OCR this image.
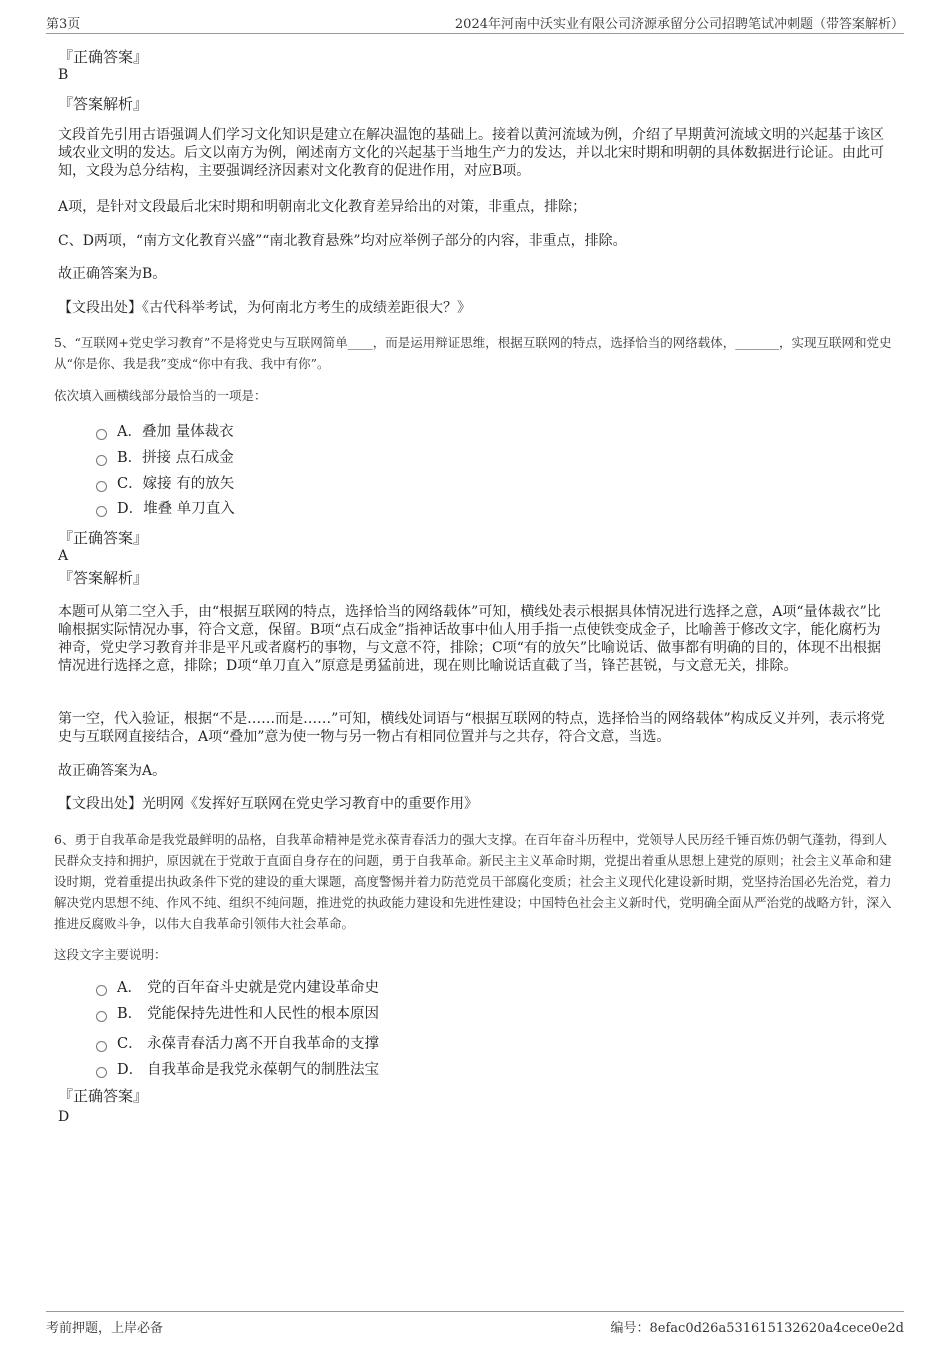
第3页	2024年河南中沃实业有限公司济源承留分公司招聘笔试冲刺题（带答案解析）
『正确答案』
B
『答案解析』
文段首先引用古语强调人们学习文化知识是建立在解决温饱的基础上。接着以黄河流域为例，介绍了早期黄河流域文明的兴起基于该区域农业文明的发达。后文以南方为例，阐述南方文化的兴起基于当地生产力的发达，并以北宋时期和明朝的具体数据进行论证。由此可知，文段为总分结构，主要强调经济因素对文化教育的促进作用，对应B项。
A项，是针对文段最后北宋时期和明朝南北文化教育差异给出的对策，非重点，排除；
C、D两项，“南方文化教育兴盛”“南北教育悬殊”均对应举例子部分的内容，非重点，排除。
故正确答案为B。
【文段出处】《古代科举考试，为何南北方考生的成绩差距很大？》
5、“互联网+党史学习教育”不是将党史与互联网简单____，而是运用辩证思维，根据互联网的特点，选择恰当的网络载体，_______，实现互联网和党史从“你是你、我是我”变成“你中有我、我中有你”。
依次填入画横线部分最恰当的一项是：
A． 叠加 量体裁衣
B． 拼接 点石成金
C． 嫁接 有的放矢
D． 堆叠 单刀直入
『正确答案』
A
『答案解析』
本题可从第二空入手，由“根据互联网的特点，选择恰当的网络载体”可知，横线处表示根据具体情况进行选择之意，A项“量体裁衣”比喻根据实际情况办事，符合文意，保留。B项“点石成金”指神话故事中仙人用手指一点使铁变成金子，比喻善于修改文字，能化腐朽为神奇，党史学习教育并非是平凡或者腐朽的事物，与文意不符，排除；C项“有的放矢”比喻说话、做事都有明确的目的，体现不出根据情况进行选择之意，排除；D项“单刀直入”原意是勇猛前进，现在则比喻说话直截了当，锋芒甚锐，与文意无关，排除。
第一空，代入验证，根据“不是……而是……”可知，横线处词语与“根据互联网的特点，选择恰当的网络载体”构成反义并列，表示将党史与互联网直接结合，A项“叠加”意为使一物与另一物占有相同位置并与之共存，符合文意，当选。
故正确答案为A。
【文段出处】光明网《发挥好互联网在党史学习教育中的重要作用》
6、勇于自我革命是我党最鲜明的品格，自我革命精神是党永葆青春活力的强大支撑。在百年奋斗历程中，党领导人民历经千锤百炼仍朝气蓬勃，得到人民群众支持和拥护，原因就在于党敢于直面自身存在的问题，勇于自我革命。新民主主义革命时期，党提出着重从思想上建党的原则；社会主义革命和建设时期，党着重提出执政条件下党的建设的重大课题，高度警惕并着力防范党员干部腐化变质；社会主义现代化建设新时期，党坚持治国必先治党，着力解决党内思想不纯、作风不纯、组织不纯问题，推进党的执政能力建设和先进性建设；中国特色社会主义新时代，党明确全面从严治党的战略方针，深入推进反腐败斗争，以伟大自我革命引领伟大社会革命。
这段文字主要说明：
A． 党的百年奋斗史就是党内建设革命史
B． 党能保持先进性和人民性的根本原因
C． 永葆青春活力离不开自我革命的支撑
D． 自我革命是我党永葆朝气的制胜法宝
『正确答案』
D
考前押题，上岸必备	编号：8efac0d26a531615132620a4cece0e2d
